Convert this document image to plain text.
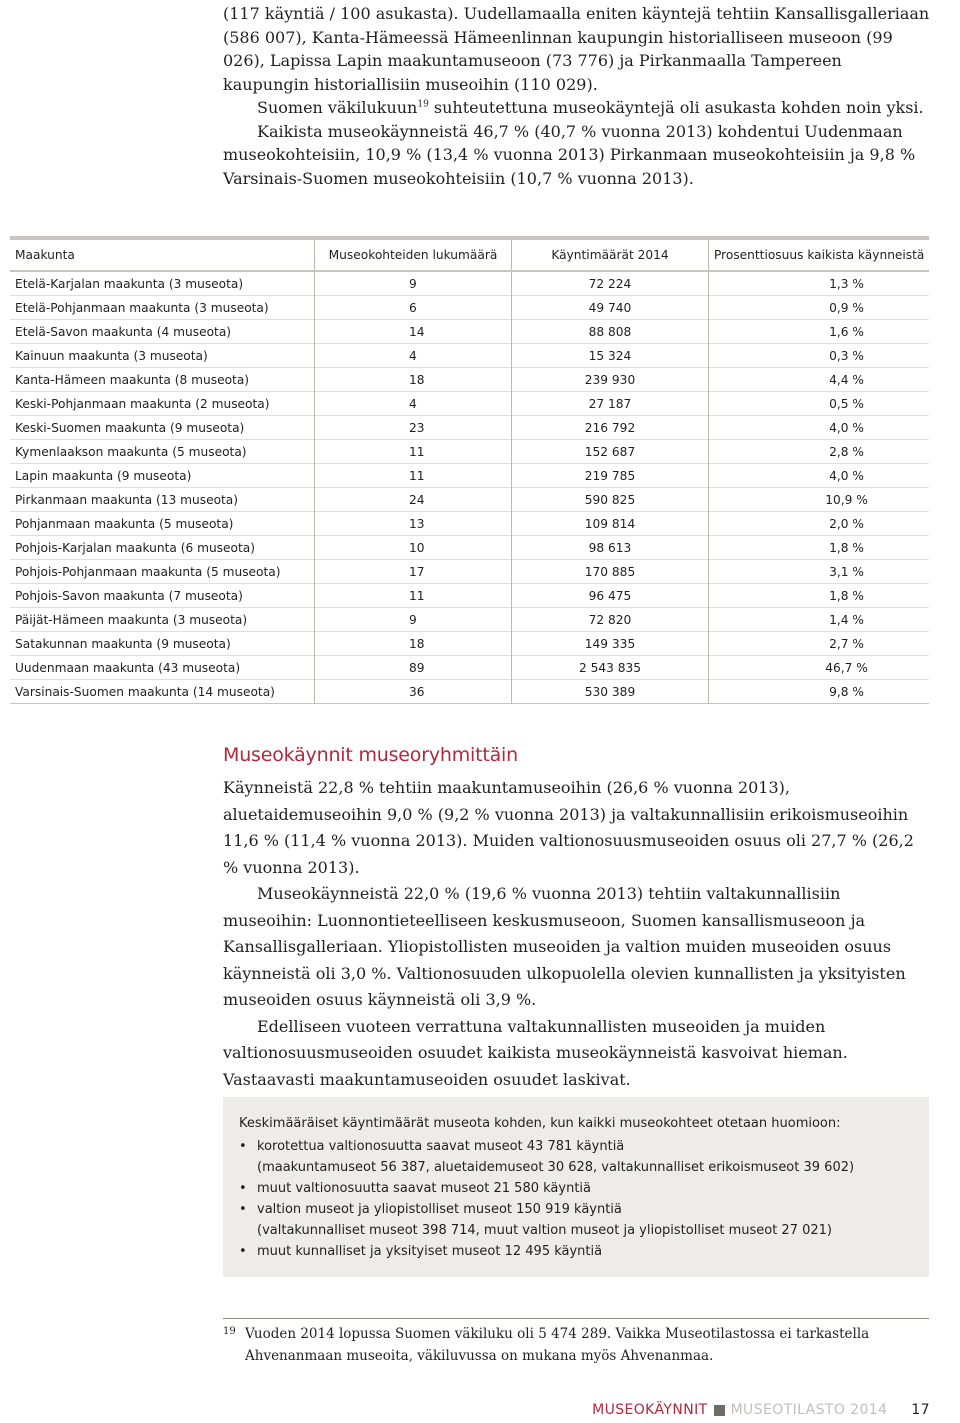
(117 käyntiä / 100 asukasta). Uudellamaalla eniten käyntejä tehtiin Kansallisgalleriaan (586 007), Kanta-Hämeessä Hämeenlinnan kaupungin historialliseen museoon (99 026), Lapissa Lapin maakuntamuseoon (73 776) ja Pirkanmaalla Tampereen kaupungin historiallisiin museoihin (110 029).

Suomen väkilukuun$^{19}$ suhteutettuna museokäyntejä oli asukasta kohden noin yksi.

Kaikista museokäynneistä 46,7 % (40,7 % vuonna 2013) kohdentui Uudenmaan museokohteisiin, 10,9 % (13,4 % vuonna 2013) Pirkanmaan museokohteisiin ja 9,8 % Varsinais-Suomen museokohteisiin (10,7 % vuonna 2013).

Maakunta	Museokohteiden lukumäärä	Käyntimäärät 2014	Prosenttiosuus kaikista käynneistä
Etelä-Karjalan maakunta (3 museota)	9	72 224	1,3 %
Etelä-Pohjanmaan maakunta (3 museota)	6	49 740	0,9 %
Etelä-Savon maakunta (4 museota)	14	88 808	1,6 %
Kainuun maakunta (3 museota)	4	15 324	0,3 %
Kanta-Hämeen maakunta (8 museota)	18	239 930	4,4 %
Keski-Pohjanmaan maakunta (2 museota)	4	27 187	0,5 %
Keski-Suomen maakunta (9 museota)	23	216 792	4,0 %
Kymenlaakson maakunta (5 museota)	11	152 687	2,8 %
Lapin maakunta (9 museota)	11	219 785	4,0 %
Pirkanmaan maakunta (13 museota)	24	590 825	10,9 %
Pohjanmaan maakunta (5 museota)	13	109 814	2,0 %
Pohjois-Karjalan maakunta (6 museota)	10	98 613	1,8 %
Pohjois-Pohjanmaan maakunta (5 museota)	17	170 885	3,1 %
Pohjois-Savon maakunta (7 museota)	11	96 475	1,8 %
Päijät-Hämeen maakunta (3 museota)	9	72 820	1,4 %
Satakunnan maakunta (9 museota)	18	149 335	2,7 %
Uudenmaan maakunta (43 museota)	89	2 543 835	46,7 %
Varsinais-Suomen maakunta (14 museota)	36	530 389	9,8 %
Museokäynnit museoryhmittäin

Käynneistä 22,8 % tehtiin maakuntamuseoihin (26,6 % vuonna 2013), aluetaidemuseoihin 9,0 % (9,2 % vuonna 2013) ja valtakunnallisiin erikoismuseoihin 11,6 % (11,4 % vuonna 2013). Muiden valtionosuusmuseoiden osuus oli 27,7 % (26,2 % vuonna 2013).

Museokäynneistä 22,0 % (19,6 % vuonna 2013) tehtiin valtakunnallisiin museoihin: Luonnontieteelliseen keskusmuseoon, Suomen kansallismuseoon ja Kansallisgalleriaan. Yliopistollisten museoiden ja valtion muiden museoiden osuus käynneistä oli 3,0 %. Valtionosuuden ulkopuolella olevien kunnallisten ja yksityisten museoiden osuus käynneistä oli 3,9 %.

Edelliseen vuoteen verrattuna valtakunnallisten museoiden ja muiden valtionosuusmuseoiden osuudet kaikista museokäynneistä kasvoivat hieman. Vastaavasti maakuntamuseoiden osuudet laskivat.

Keskimääräiset käyntimäärät museota kohden, kun kaikki museokohteet otetaan huomioon:

• korotettua valtionosuutta saavat museot 43 781 käyntiä
(maakuntamuseot 56 387, aluetaidemuseot 30 628, valtakunnalliset erikoismuseot 39 602)
• muut valtionosuutta saavat museot 21 580 käyntiä
• valtion museot ja yliopistolliset museot 150 919 käyntiä
(valtakunnalliset museot 398 714, muut valtion museot ja yliopistolliset museot 27 021)
• muut kunnalliset ja yksityiset museot 12 495 käyntiä
19 Vuoden 2014 lopussa Suomen väkiluku oli 5 474 289. Vaikka Museotilastossa ei tarkastella Ahvenanmaan museoita, väkiluvussa on mukana myös Ahvenanmaa.
MUSEOKÄYNNIT MUSEOTILASTO 2014 17
